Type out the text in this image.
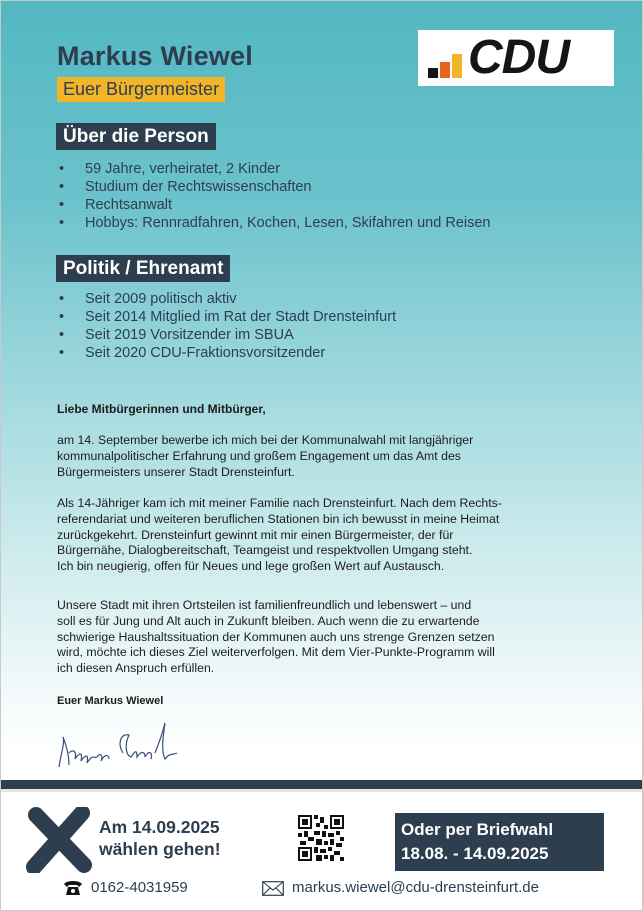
Markus Wiewel
Euer Bürgermeister
CDU
Über die Person
• 59 Jahre, verheiratet, 2 Kinder
• Studium der Rechtswissenschaften
• Rechtsanwalt
• Hobbys: Rennradfahren, Kochen, Lesen, Skifahren und Reisen
Politik / Ehrenamt
• Seit 2009 politisch aktiv
• Seit 2014 Mitglied im Rat der Stadt Drensteinfurt
• Seit 2019 Vorsitzender im SBUA
• Seit 2020 CDU-Fraktionsvorsitzender
Liebe Mitbürgerinnen und Mitbürger,
am 14. September bewerbe ich mich bei der Kommunalwahl mit langjähriger
kommunalpolitischer Erfahrung und großem Engagement um das Amt des
Bürgermeisters unserer Stadt Drensteinfurt.
Als 14-Jähriger kam ich mit meiner Familie nach Drensteinfurt. Nach dem Rechts-
referendariat und weiteren beruflichen Stationen bin ich bewusst in meine Heimat
zurückgekehrt. Drensteinfurt gewinnt mit mir einen Bürgermeister, der für
Bürgernähe, Dialogbereitschaft, Teamgeist und respektvollen Umgang steht.
Ich bin neugierig, offen für Neues und lege großen Wert auf Austausch.
Unsere Stadt mit ihren Ortsteilen ist familienfreundlich und lebenswert – und
soll es für Jung und Alt auch in Zukunft bleiben. Auch wenn die zu erwartende
schwierige Haushaltssituation der Kommunen auch uns strenge Grenzen setzen
wird, möchte ich dieses Ziel weiterverfolgen. Mit dem Vier-Punkte-Programm will
ich diesen Anspruch erfüllen.
Euer Markus Wiewel
Am 14.09.2025
wählen gehen!
Oder per Briefwahl
18.08. - 14.09.2025
0162-4031959	markus.wiewel@cdu-drensteinfurt.de
